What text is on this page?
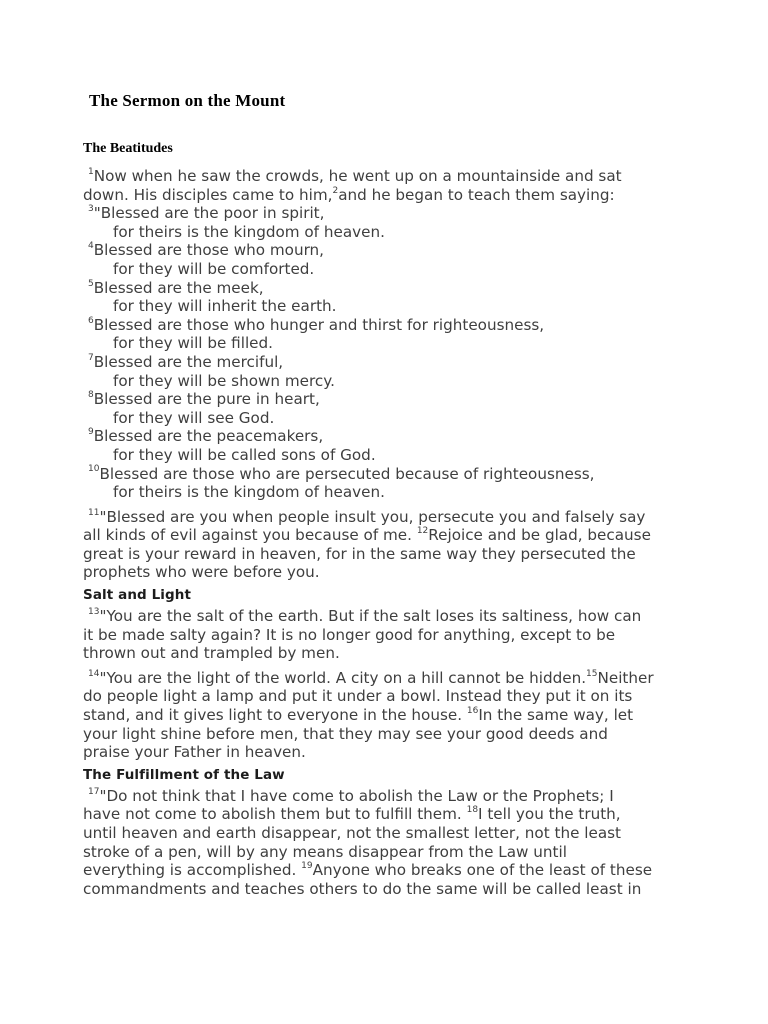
The Sermon on the Mount
The Beatitudes
$^1$Now when he saw the crowds, he went up on a mountainside and sat
down. His disciples came to him,$^2$and he began to teach them saying:
$^3$"Blessed are the poor in spirit,
for theirs is the kingdom of heaven.
$^4$Blessed are those who mourn,
for they will be comforted.
$^5$Blessed are the meek,
for they will inherit the earth.
$^6$Blessed are those who hunger and thirst for righteousness,
for they will be filled.
$^7$Blessed are the merciful,
for they will be shown mercy.
$^8$Blessed are the pure in heart,
for they will see God.
$^9$Blessed are the peacemakers,
for they will be called sons of God.
$^{10}$Blessed are those who are persecuted because of righteousness,
for theirs is the kingdom of heaven.
$^{11}$"Blessed are you when people insult you, persecute you and falsely say
all kinds of evil against you because of me. $^{12}$Rejoice and be glad, because
great is your reward in heaven, for in the same way they persecuted the
prophets who were before you.
Salt and Light
$^{13}$"You are the salt of the earth. But if the salt loses its saltiness, how can
it be made salty again? It is no longer good for anything, except to be
thrown out and trampled by men.
$^{14}$"You are the light of the world. A city on a hill cannot be hidden.$^{15}$Neither
do people light a lamp and put it under a bowl. Instead they put it on its
stand, and it gives light to everyone in the house. $^{16}$In the same way, let
your light shine before men, that they may see your good deeds and
praise your Father in heaven.
The Fulfillment of the Law
$^{17}$"Do not think that I have come to abolish the Law or the Prophets; I
have not come to abolish them but to fulfill them. $^{18}$I tell you the truth,
until heaven and earth disappear, not the smallest letter, not the least
stroke of a pen, will by any means disappear from the Law until
everything is accomplished. $^{19}$Anyone who breaks one of the least of these
commandments and teaches others to do the same will be called least in
